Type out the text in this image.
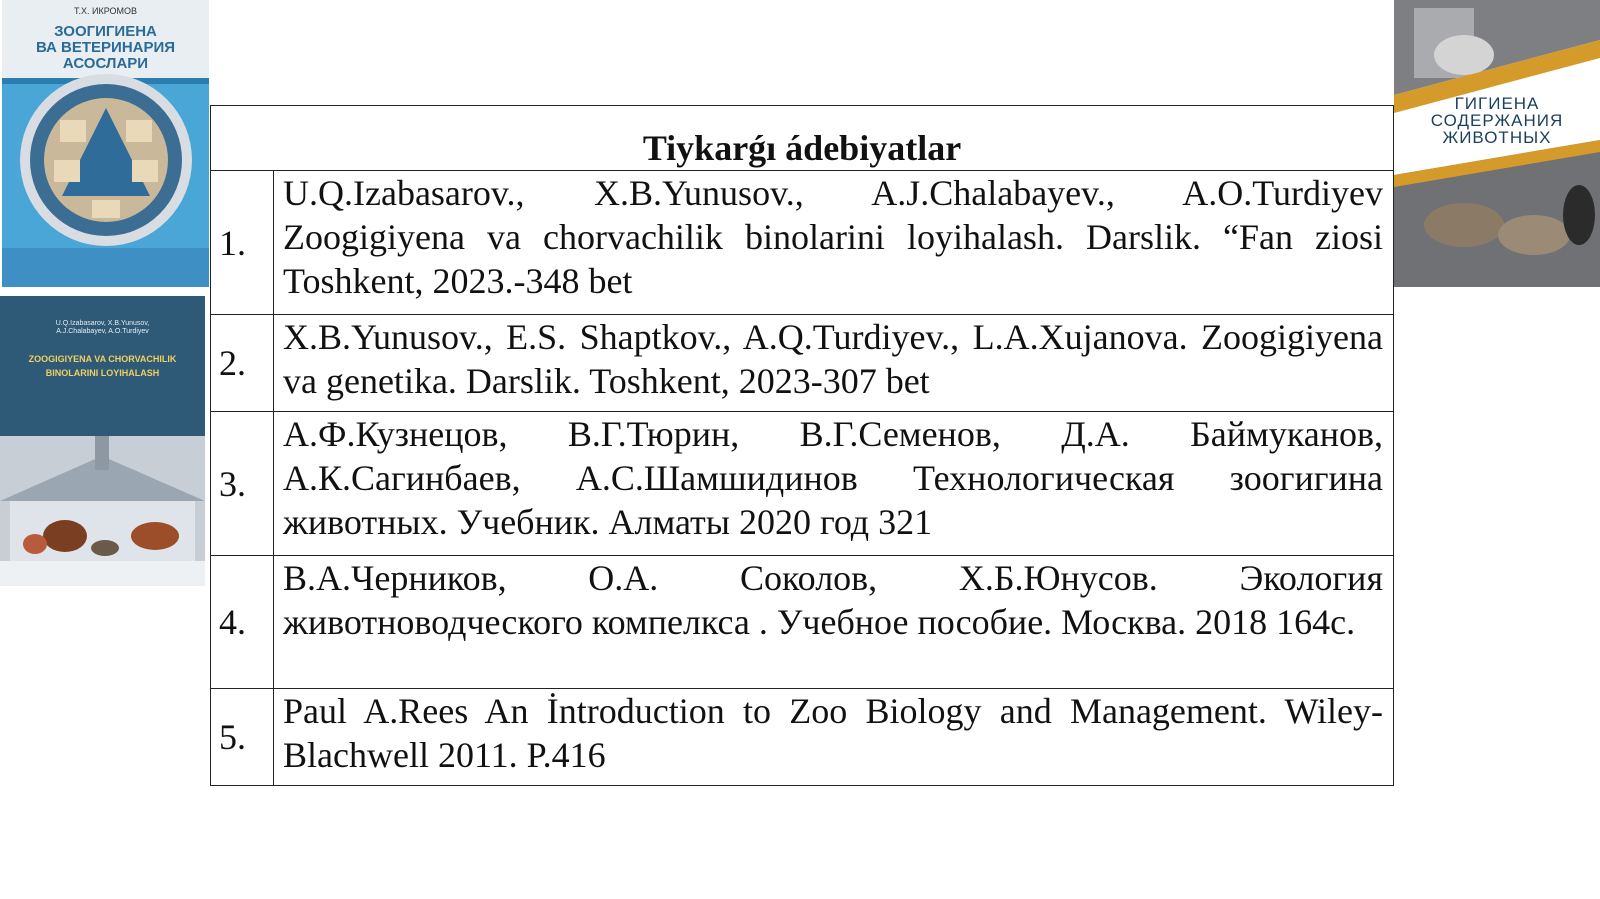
Т.Х. ИКРОМОВ
ЗООГИГИЕНА
ВА ВЕТЕРИНАРИЯ
АСОСЛАРИ
U.Q.Izabasarov, X.B.Yunusov,
A.J.Chalabayev, A.O.Turdiyev
ZOOGIGIYENA VA CHORVACHILIK
BINOLARINI LOYIHALASH
ГИГИЕНА
СОДЕРЖАНИЯ
ЖИВОТНЫХ
Tiykarǵı ádebiyatlar	
1.	U.Q.Izabasarov., X.B.Yunusov., A.J.Chalabayev., A.O.Turdiyev Zoogigiyena va chorvachilik binolarini loyihalash. Darslik. “Fan ziosi Toshkent, 2023.-348 bet
2.	X.B.Yunusov., E.S. Shaptkov., A.Q.Turdiyev., L.A.Xujanova. Zoogigiyena va genetika. Darslik. Toshkent, 2023-307 bet
3.	А.Ф.Кузнецов, В.Г.Тюрин, В.Г.Семенов, Д.А. Баймуканов, А.К.Сагинбаев, А.С.Шамшидинов Технологическая зоогигина животных. Учебник. Алматы 2020 год 321
4.	В.А.Черников, О.А. Соколов, Х.Б.Юнусов. Экология животноводческого компелкса . Учебное пособие. Москва. 2018 164с.
5.	Paul A.Rees An İntroduction to Zoo Biology and Management. Wiley-Blachwell 2011. P.416
